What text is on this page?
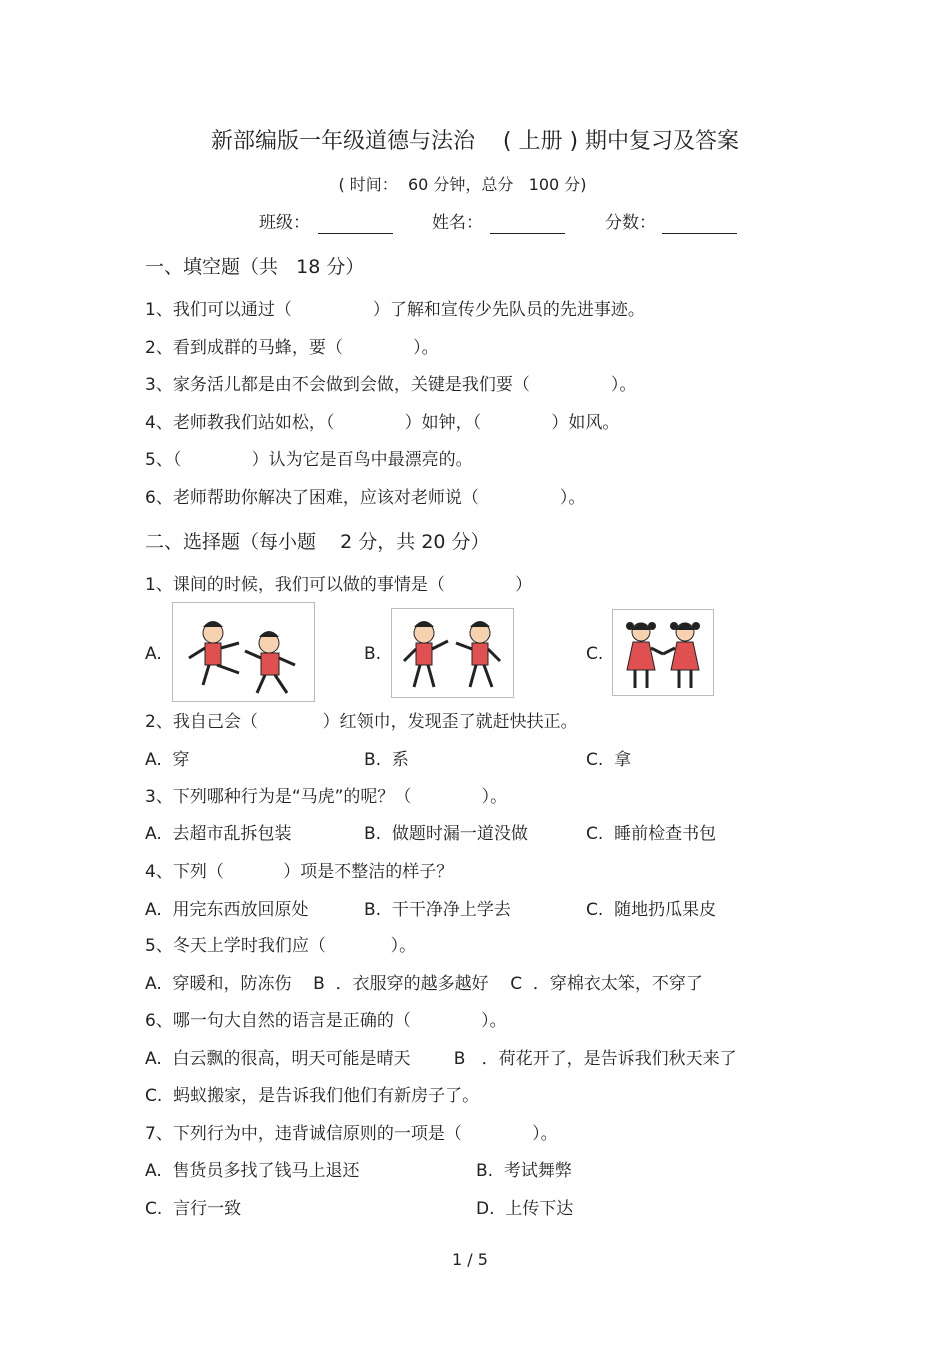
新部编版一年级道德与法治    ( 上册 ) 期中复习及答案
( 时间：  60 分钟，总分   100 分)
班级：	姓名：	分数：
一、填空题（共   18 分）
1、我们可以通过（               ）了解和宣传少先队员的先进事迹。
2、看到成群的马蜂，要（             ）。
3、家务活儿都是由不会做到会做，关键是我们要（               ）。
4、老师教我们站如松，（             ）如钟，（             ）如风。
5、（             ）认为它是百鸟中最漂亮的。
6、老师帮助你解决了困难，应该对老师说（               ）。
二、选择题（每小题    2 分，共 20 分）
1、课间的时候，我们可以做的事情是（             ）
A.	B.	C.
2、我自己会（            ）红领巾，发现歪了就赶快扶正。
A.  穿	B.  系	C.  拿
3、下列哪种行为是“马虎”的呢？（             ）。
A.  去超市乱拆包装	B.  做题时漏一道没做	C.  睡前检查书包
4、下列（           ）项是不整洁的样子？
A.  用完东西放回原处	B.  干干净净上学去	C.  随地扔瓜果皮
5、冬天上学时我们应（            ）。
A.  穿暖和，防冻伤    B  ．衣服穿的越多越好    C  ．穿棉衣太笨，不穿了
6、哪一句大自然的语言是正确的（             ）。
A.  白云飘的很高，明天可能是晴天        B   ．荷花开了，是告诉我们秋天来了
C.  蚂蚁搬家，是告诉我们他们有新房子了。
7、下列行为中，违背诚信原则的一项是（             ）。
A.  售货员多找了钱马上退还	B.  考试舞弊
C.  言行一致	D.  上传下达
1 / 5
